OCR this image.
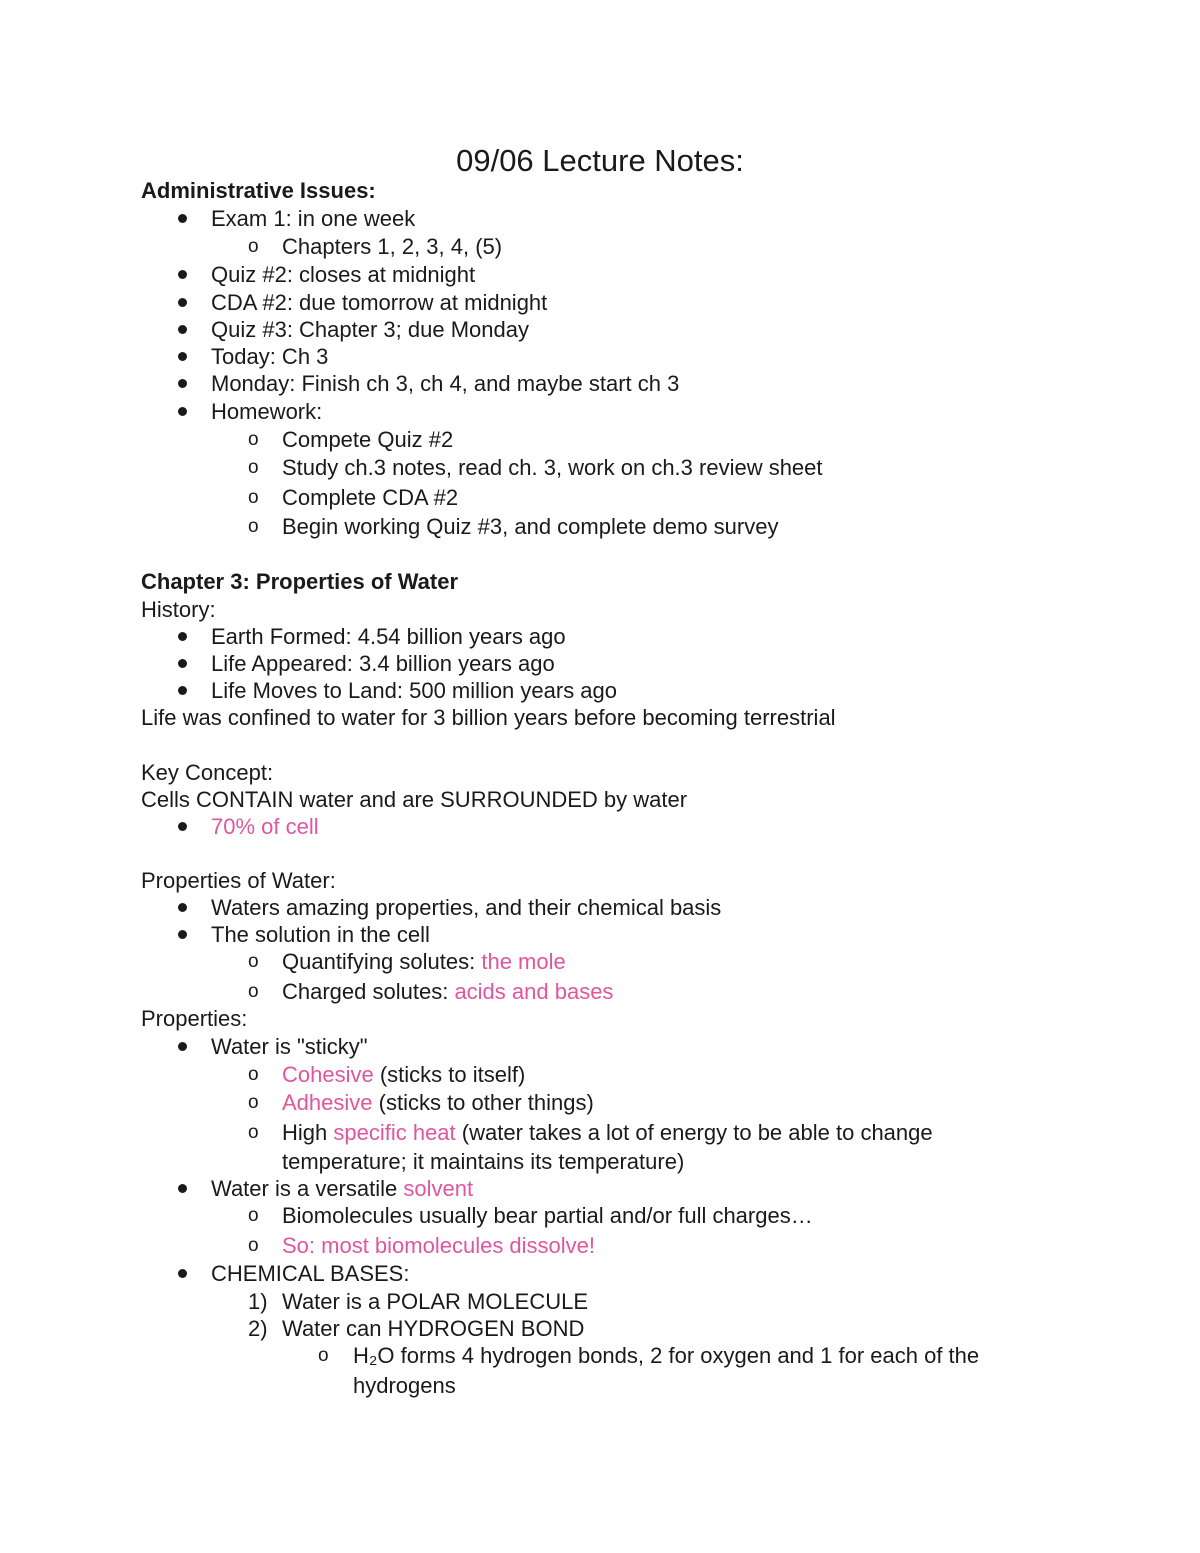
09/06 Lecture Notes:
Administrative Issues:
Exam 1: in one week
o Chapters 1, 2, 3, 4, (5)
Quiz #2: closes at midnight
CDA #2: due tomorrow at midnight
Quiz #3: Chapter 3; due Monday
Today: Ch 3
Monday: Finish ch 3, ch 4, and maybe start ch 3
Homework:
o Compete Quiz #2
o Study ch.3 notes, read ch. 3, work on ch.3 review sheet
o Complete CDA #2
o Begin working Quiz #3, and complete demo survey
Chapter 3: Properties of Water
History:
Earth Formed: 4.54 billion years ago
Life Appeared: 3.4 billion years ago
Life Moves to Land: 500 million years ago
Life was confined to water for 3 billion years before becoming terrestrial
Key Concept:
Cells CONTAIN water and are SURROUNDED by water
70% of cell
Properties of Water:
Waters amazing properties, and their chemical basis
The solution in the cell
o Quantifying solutes: the mole
o Charged solutes: acids and bases
Properties:
Water is "sticky"
o Cohesive (sticks to itself)
o Adhesive (sticks to other things)
o High specific heat (water takes a lot of energy to be able to change
temperature; it maintains its temperature)
Water is a versatile solvent
o Biomolecules usually bear partial and/or full charges…
o So: most biomolecules dissolve!
CHEMICAL BASES:
1) Water is a POLAR MOLECULE
2) Water can HYDROGEN BOND
o H₂O forms 4 hydrogen bonds, 2 for oxygen and 1 for each of the
hydrogens
